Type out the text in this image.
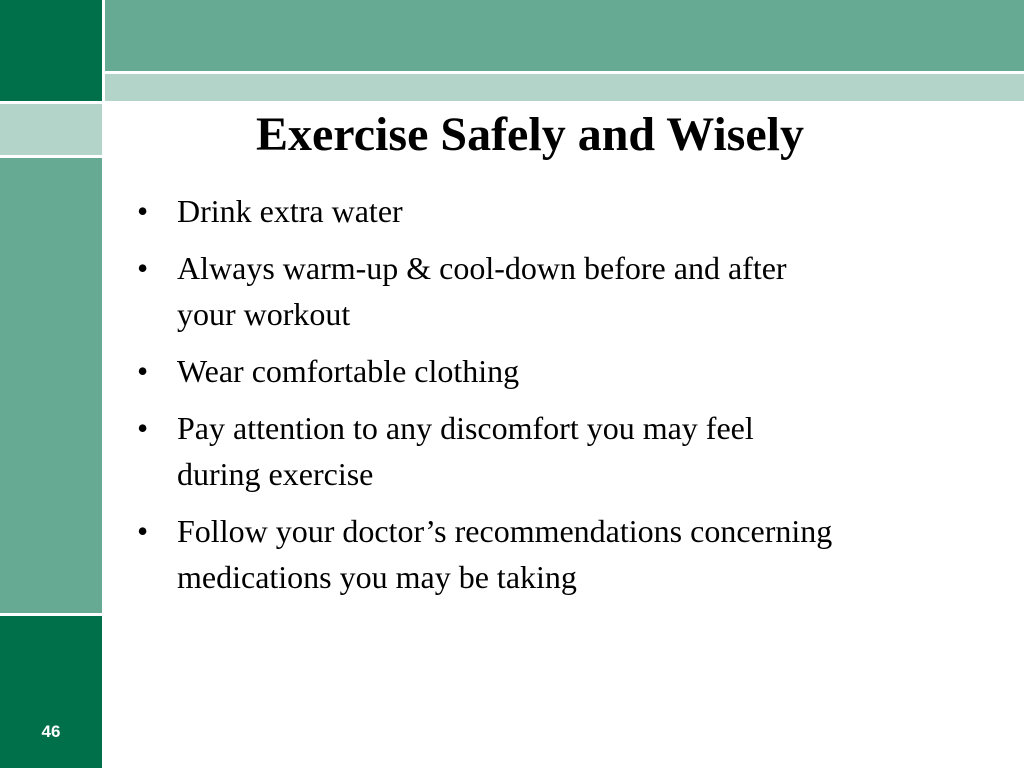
Exercise Safely and Wisely
• Drink extra water
• Always warm-up & cool-down before and after your workout
• Wear comfortable clothing
• Pay attention to any discomfort you may feel during exercise
• Follow your doctor’s recommendations concerning medications you may be taking
46
